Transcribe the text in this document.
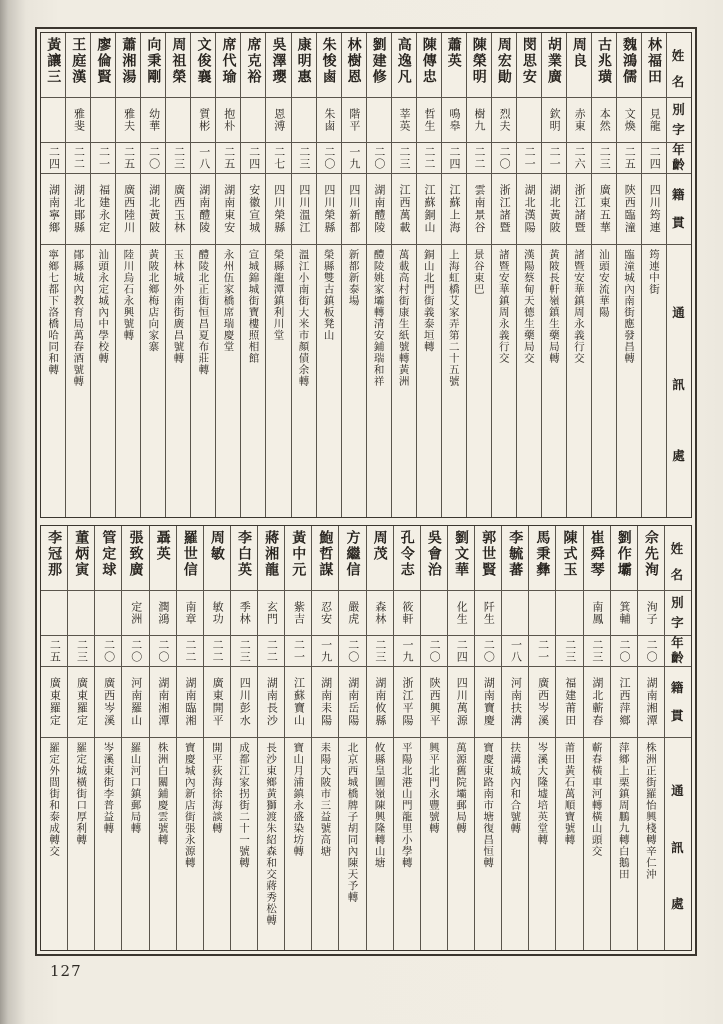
姓
名
別
字
年
齡
籍
貫
通
訊
處
林福田
見龍
二四
四川筠連
筠連中街
魏鴻儒
文煥
二五
陝西臨潼
臨潼城內南街應發昌轉
古兆璜
本然
二三
廣東五華
汕頭安流華陽
周良
赤東
二六
浙江諸暨
諸暨安華鎮周永義行交
胡業廣
欽明
二一
湖北黃陂
黃陂長軒嶺鎮生藥局轉
閔思安
二一
湖北漢陽
漢陽蔡甸天德生藥局交
周宏勛
烈夫
二〇
浙江諸暨
諸暨安華鎮周永義行交
陳榮明
樹九
二二
雲南景谷
景谷東巴
蕭英
鳴皋
二四
江蘇上海
上海虹橋艾家弄第二十五號
陳傳忠
哲生
二二
江蘇銅山
銅山北門街義泰垣轉
高逸凡
莘英
二三
江西萬載
萬載高村街康生紙號轉黃洲
劉建修
二〇
湖南醴陵
醴陵姚家壩轉清安鋪瑞和祥
林樹恩
階平
一九
四川新都
新都新泰場
朱悛鹵
朱鹵
二〇
四川榮縣
榮縣雙古鎮板凳山
康明惠
二三
四川溫江
溫江小南街大米市顏債余轉
吳澤瓔
恩溥
二七
四川榮縣
榮縣龍潭鎮利川堂
席克裕
二四
安徽宣城
宣城錦城街寶樓照相館
席代瑜
抱朴
二五
湖南東安
永州伍家橋席瑞慶堂
文俊襄
質彬
一八
湖南醴陵
醴陵北正街恒昌夏布莊轉
周祖榮
二三
廣西玉林
玉林城外南街廣昌號轉
向秉剛
幼華
二〇
湖北黃陂
黃陂北鄉梅店向家寨
蕭湘湯
雅夫
二五
廣西陸川
陸川烏石永興號轉
廖倫賢
二一
福建永定
汕頭永定城內中學校轉
王庭漢
雅斐
二二
湖北鄖縣
鄖縣城內教育局萬春酒號轉
黃讓三
二四
湖南寧鄉
寧鄉七都下洛橋哈同和轉
姓
名
別
字
年
齡
籍
貫
通
訊
處
佘先洵
洵子
二〇
湖南湘潭
株洲正街羅怡興棧轉辛仁沖
劉作壩
箕輔
二〇
江西萍鄉
萍鄉上栗鎮周鵬九轉白鵝田
崔舜琴
南鳳
二三
湖北蘄春
蘄春橫車河轉橫山頭交
陳式玉
二三
福建莆田
莆田黃石萬順寶號轉
馬秉彝
二一
廣西岑溪
岑溪大隆墟培英堂轉
李毓蕃
一八
河南扶溝
扶溝城內和合號轉
郭世賢
阡生
二〇
湖南寶慶
寶慶東路南市塘復昌恒轉
劉文華
化生
二四
四川萬源
萬源舊院壩郵局轉
吳會治
二〇
陝西興平
興平北門永豐號轉
孔令志
筱軒
一九
浙江平陽
平陽北港山門龍里小學轉
周茂
森林
二三
湖南攸縣
攸縣皇圖嶺陳興隆轉山塘
方繼信
嚴虎
二〇
湖南岳陽
北京西城橋牌子胡同內陳天予轉
鮑哲謀
忍安
一九
湖南耒陽
耒陽大陂市三益號高塘
黃中元
紫吉
二一
江蘇寶山
寶山月浦鎮永盛染坊轉
蔣湘龍
玄門
二二
湖南長沙
長沙東鄉黃獅渡朱紹森和交蔣秀松轉
李白英
季林
二三
四川彭水
成都江家拐街二十一號轉
周敏
敏功
二二
廣東開平
開平荻海徐海談轉
羅世信
南章
二二
湖南臨湘
寶慶城內新店街張永源轉
聶英
潤鴻
二〇
湖南湘潭
株洲白關鋪慶雲號轉
張致廣
定洲
二〇
河南羅山
羅山河口鎮郵局轉
管定球
二〇
廣西岑溪
岑溪東街李普益轉
董炳寅
二三
廣東羅定
羅定城橫街口厚利轉
李冠那
二五
廣東羅定
羅定外間街和泰成轉交
127
